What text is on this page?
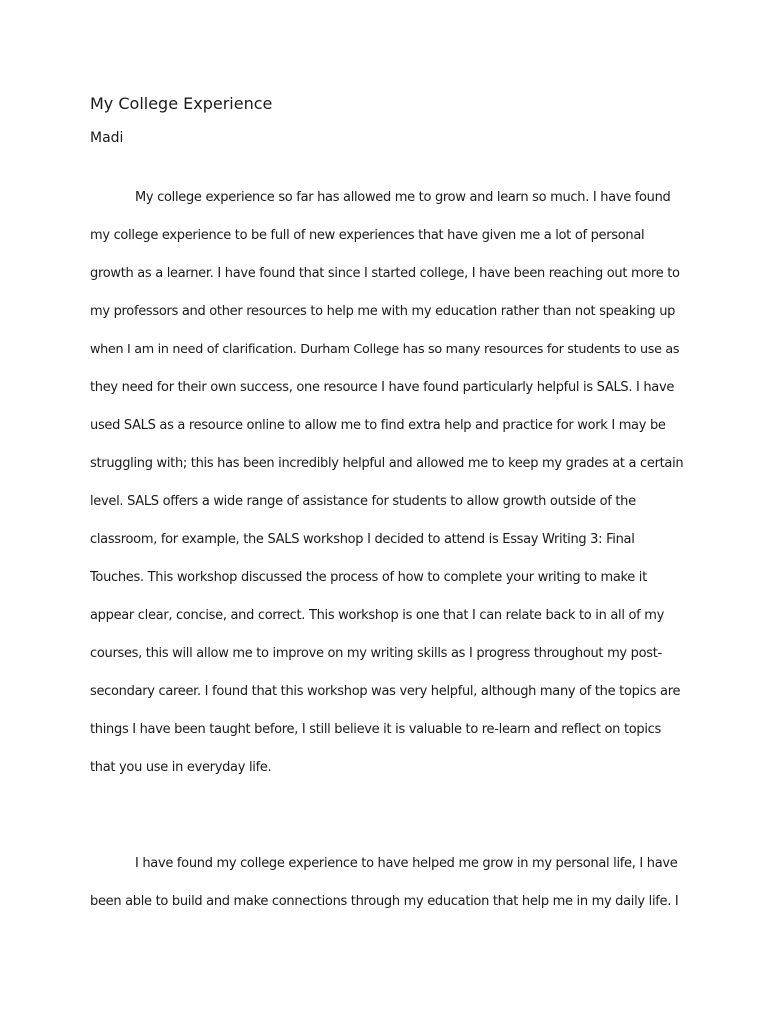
My College Experience
Madi
My college experience so far has allowed me to grow and learn so much. I have found
my college experience to be full of new experiences that have given me a lot of personal
growth as a learner. I have found that since I started college, I have been reaching out more to
my professors and other resources to help me with my education rather than not speaking up
when I am in need of clarification. Durham College has so many resources for students to use as
they need for their own success, one resource I have found particularly helpful is SALS. I have
used SALS as a resource online to allow me to find extra help and practice for work I may be
struggling with; this has been incredibly helpful and allowed me to keep my grades at a certain
level. SALS offers a wide range of assistance for students to allow growth outside of the
classroom, for example, the SALS workshop I decided to attend is Essay Writing 3: Final
Touches. This workshop discussed the process of how to complete your writing to make it
appear clear, concise, and correct. This workshop is one that I can relate back to in all of my
courses, this will allow me to improve on my writing skills as I progress throughout my post-
secondary career. I found that this workshop was very helpful, although many of the topics are
things I have been taught before, I still believe it is valuable to re-learn and reflect on topics
that you use in everyday life.
I have found my college experience to have helped me grow in my personal life, I have
been able to build and make connections through my education that help me in my daily life. I
